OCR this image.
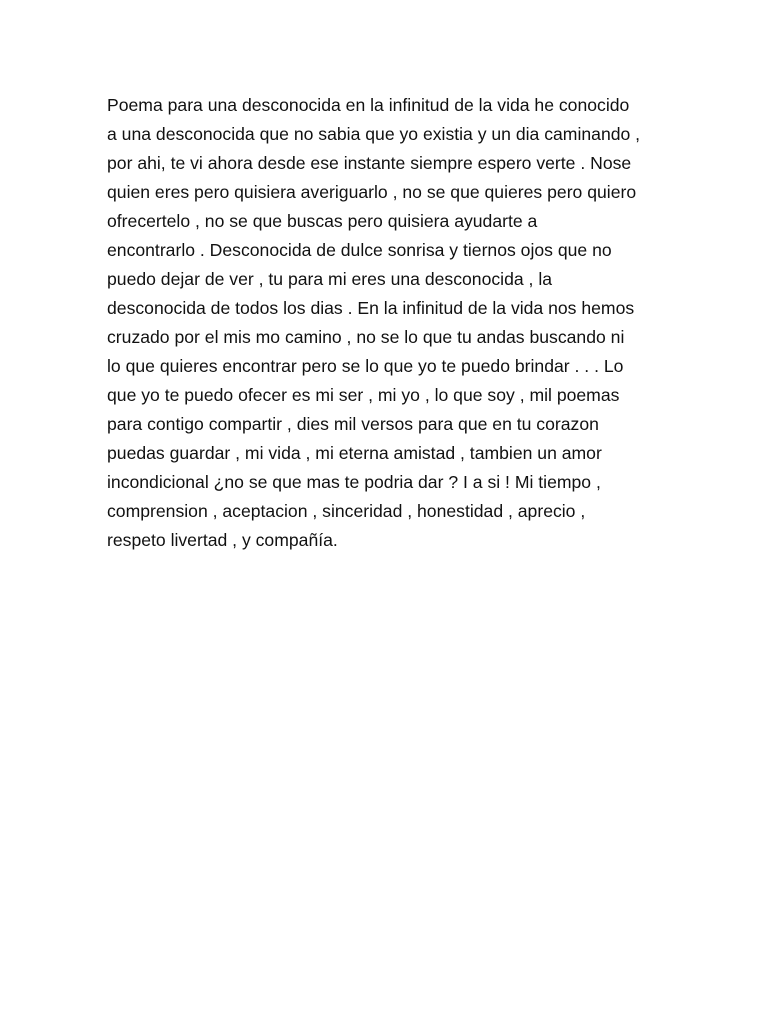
Poema para una desconocida en la infinitud de la vida he conocido
a una desconocida que no sabia que yo existia y un dia caminando ,
por ahi, te vi ahora desde ese instante siempre espero verte . Nose
quien eres pero quisiera averiguarlo , no se que quieres pero quiero
ofrecertelo , no se que buscas pero quisiera ayudarte a
encontrarlo . Desconocida de dulce sonrisa y tiernos ojos que no
puedo dejar de ver , tu para mi eres una desconocida , la
desconocida de todos los dias . En la infinitud de la vida nos hemos
cruzado por el mis mo camino , no se lo que tu andas buscando ni
lo que quieres encontrar pero se lo que yo te puedo brindar . . . Lo
que yo te puedo ofecer es mi ser , mi yo , lo que soy , mil poemas
para contigo compartir , dies mil versos para que en tu corazon
puedas guardar , mi vida , mi eterna amistad , tambien un amor
incondicional ¿no se que mas te podria dar ? I a si ! Mi tiempo ,
comprension , aceptacion , sinceridad , honestidad , aprecio ,
respeto livertad , y compañía.
